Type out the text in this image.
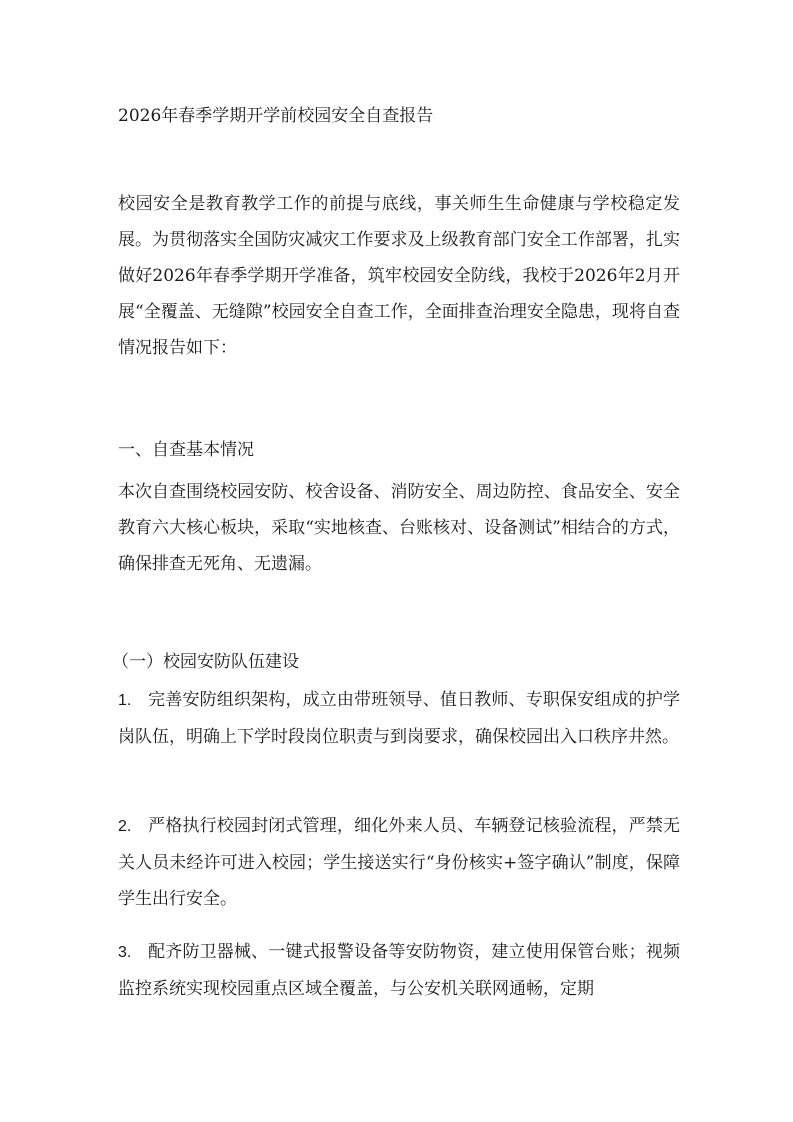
2026年春季学期开学前校园安全自查报告
校园安全是教育教学工作的前提与底线，事关师生生命健康与学校稳定发展。为贯彻落实全国防灾减灾工作要求及上级教育部门安全工作部署，扎实做好2026年春季学期开学准备，筑牢校园安全防线，我校于2026年2月开展“全覆盖、无缝隙”校园安全自查工作，全面排查治理安全隐患，现将自查情况报告如下：
一、自查基本情况
本次自查围绕校园安防、校舍设备、消防安全、周边防控、食品安全、安全教育六大核心板块，采取“实地核查、台账核对、设备测试”相结合的方式，确保排查无死角、无遗漏。
（一）校园安防队伍建设
1. 完善安防组织架构，成立由带班领导、值日教师、专职保安组成的护学岗队伍，明确上下学时段岗位职责与到岗要求，确保校园出入口秩序井然。
2. 严格执行校园封闭式管理，细化外来人员、车辆登记核验流程，严禁无关人员未经许可进入校园；学生接送实行“身份核实+签字确认”制度，保障学生出行安全。
3. 配齐防卫器械、一键式报警设备等安防物资，建立使用保管台账；视频监控系统实现校园重点区域全覆盖，与公安机关联网通畅，定期
